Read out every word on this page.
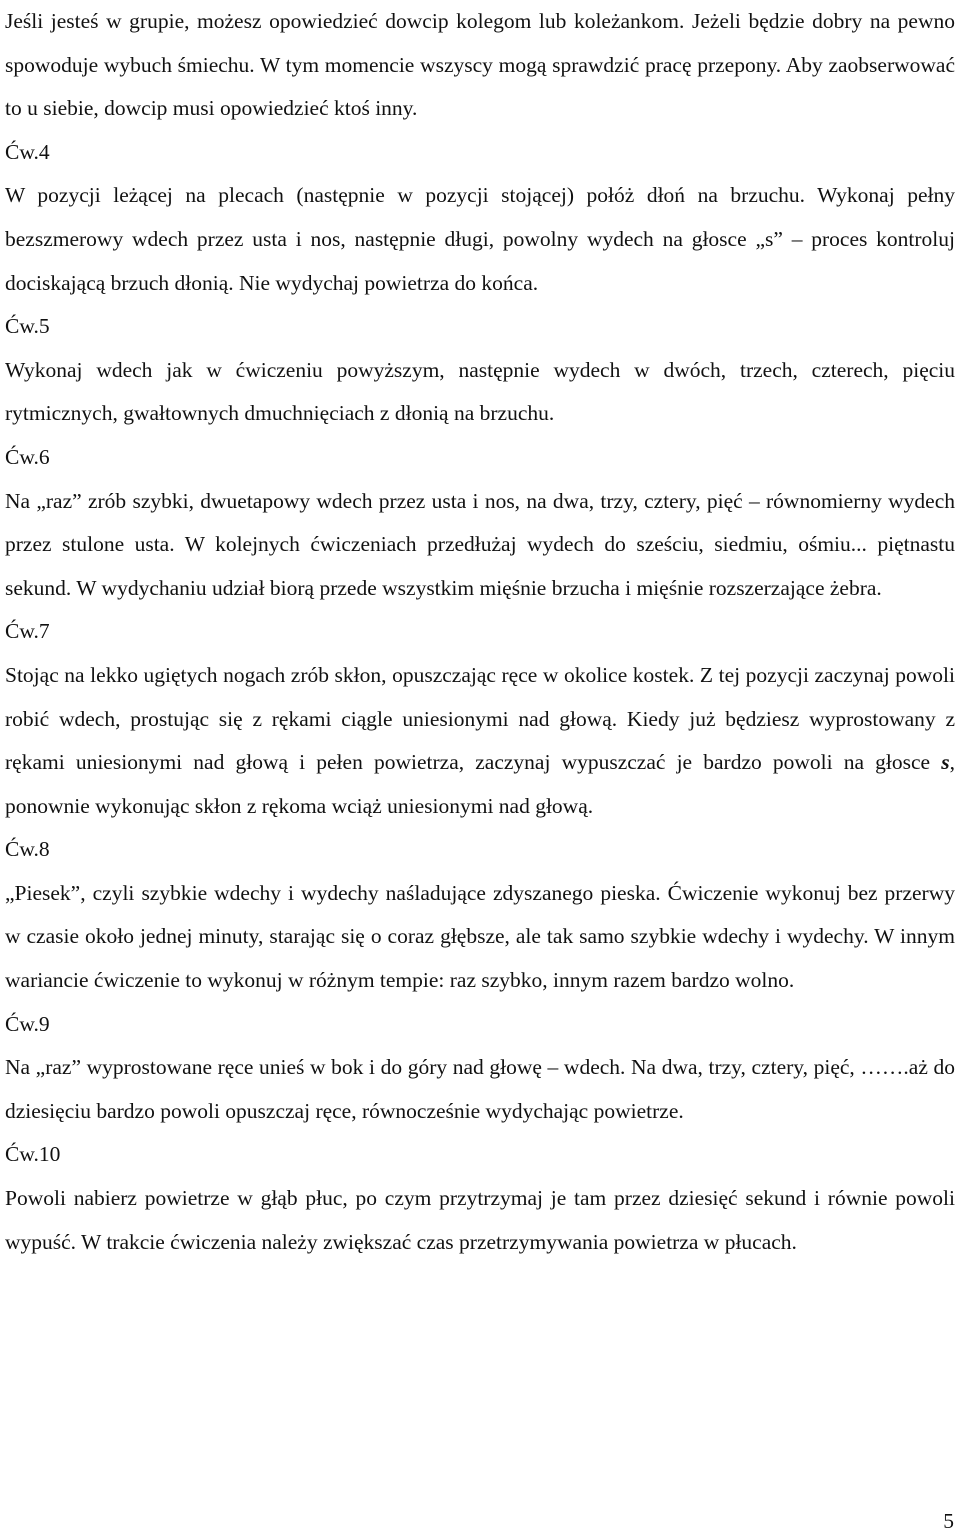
Jeśli jesteś w grupie, możesz opowiedzieć dowcip kolegom lub koleżankom. Jeżeli będzie dobry na pewno spowoduje wybuch śmiechu. W tym momencie wszyscy mogą sprawdzić pracę przepony. Aby zaobserwować to u siebie, dowcip musi opowiedzieć ktoś inny.

Ćw.4

W pozycji leżącej na plecach (następnie w pozycji stojącej) połóż dłoń na brzuchu. Wykonaj pełny bezszmerowy wdech przez usta i nos, następnie długi, powolny wydech na głosce „s” – proces kontroluj dociskającą brzuch dłonią. Nie wydychaj powietrza do końca.

Ćw.5

Wykonaj wdech jak w ćwiczeniu powyższym, następnie wydech w dwóch, trzech, czterech, pięciu rytmicznych, gwałtownych dmuchnięciach z dłonią na brzuchu.

Ćw.6

Na „raz” zrób szybki, dwuetapowy wdech przez usta i nos, na dwa, trzy, cztery, pięć – równomierny wydech przez stulone usta. W kolejnych ćwiczeniach przedłużaj wydech do sześciu, siedmiu, ośmiu... piętnastu sekund. W wydychaniu udział biorą przede wszystkim mięśnie brzucha i mięśnie rozszerzające żebra.

Ćw.7

Stojąc na lekko ugiętych nogach zrób skłon, opuszczając ręce w okolice kostek. Z tej pozycji zaczynaj powoli robić wdech, prostując się z rękami ciągle uniesionymi nad głową. Kiedy już będziesz wyprostowany z rękami uniesionymi nad głową i pełen powietrza, zaczynaj wypuszczać je bardzo powoli na głosce s, ponownie wykonując skłon z rękoma wciąż uniesionymi nad głową.

Ćw.8

„Piesek”, czyli szybkie wdechy i wydechy naśladujące zdyszanego pieska. Ćwiczenie wykonuj bez przerwy w czasie około jednej minuty, starając się o coraz głębsze, ale tak samo szybkie wdechy i wydechy. W innym wariancie ćwiczenie to wykonuj w różnym tempie: raz szybko, innym razem bardzo wolno.

Ćw.9

Na „raz” wyprostowane ręce unieś w bok i do góry nad głowę – wdech. Na dwa, trzy, cztery, pięć, …….aż do dziesięciu bardzo powoli opuszczaj ręce, równocześnie wydychając powietrze.

Ćw.10

Powoli nabierz powietrze w głąb płuc, po czym przytrzymaj je tam przez dziesięć sekund i równie powoli wypuść. W trakcie ćwiczenia należy zwiększać czas przetrzymywania powietrza w płucach.

5
